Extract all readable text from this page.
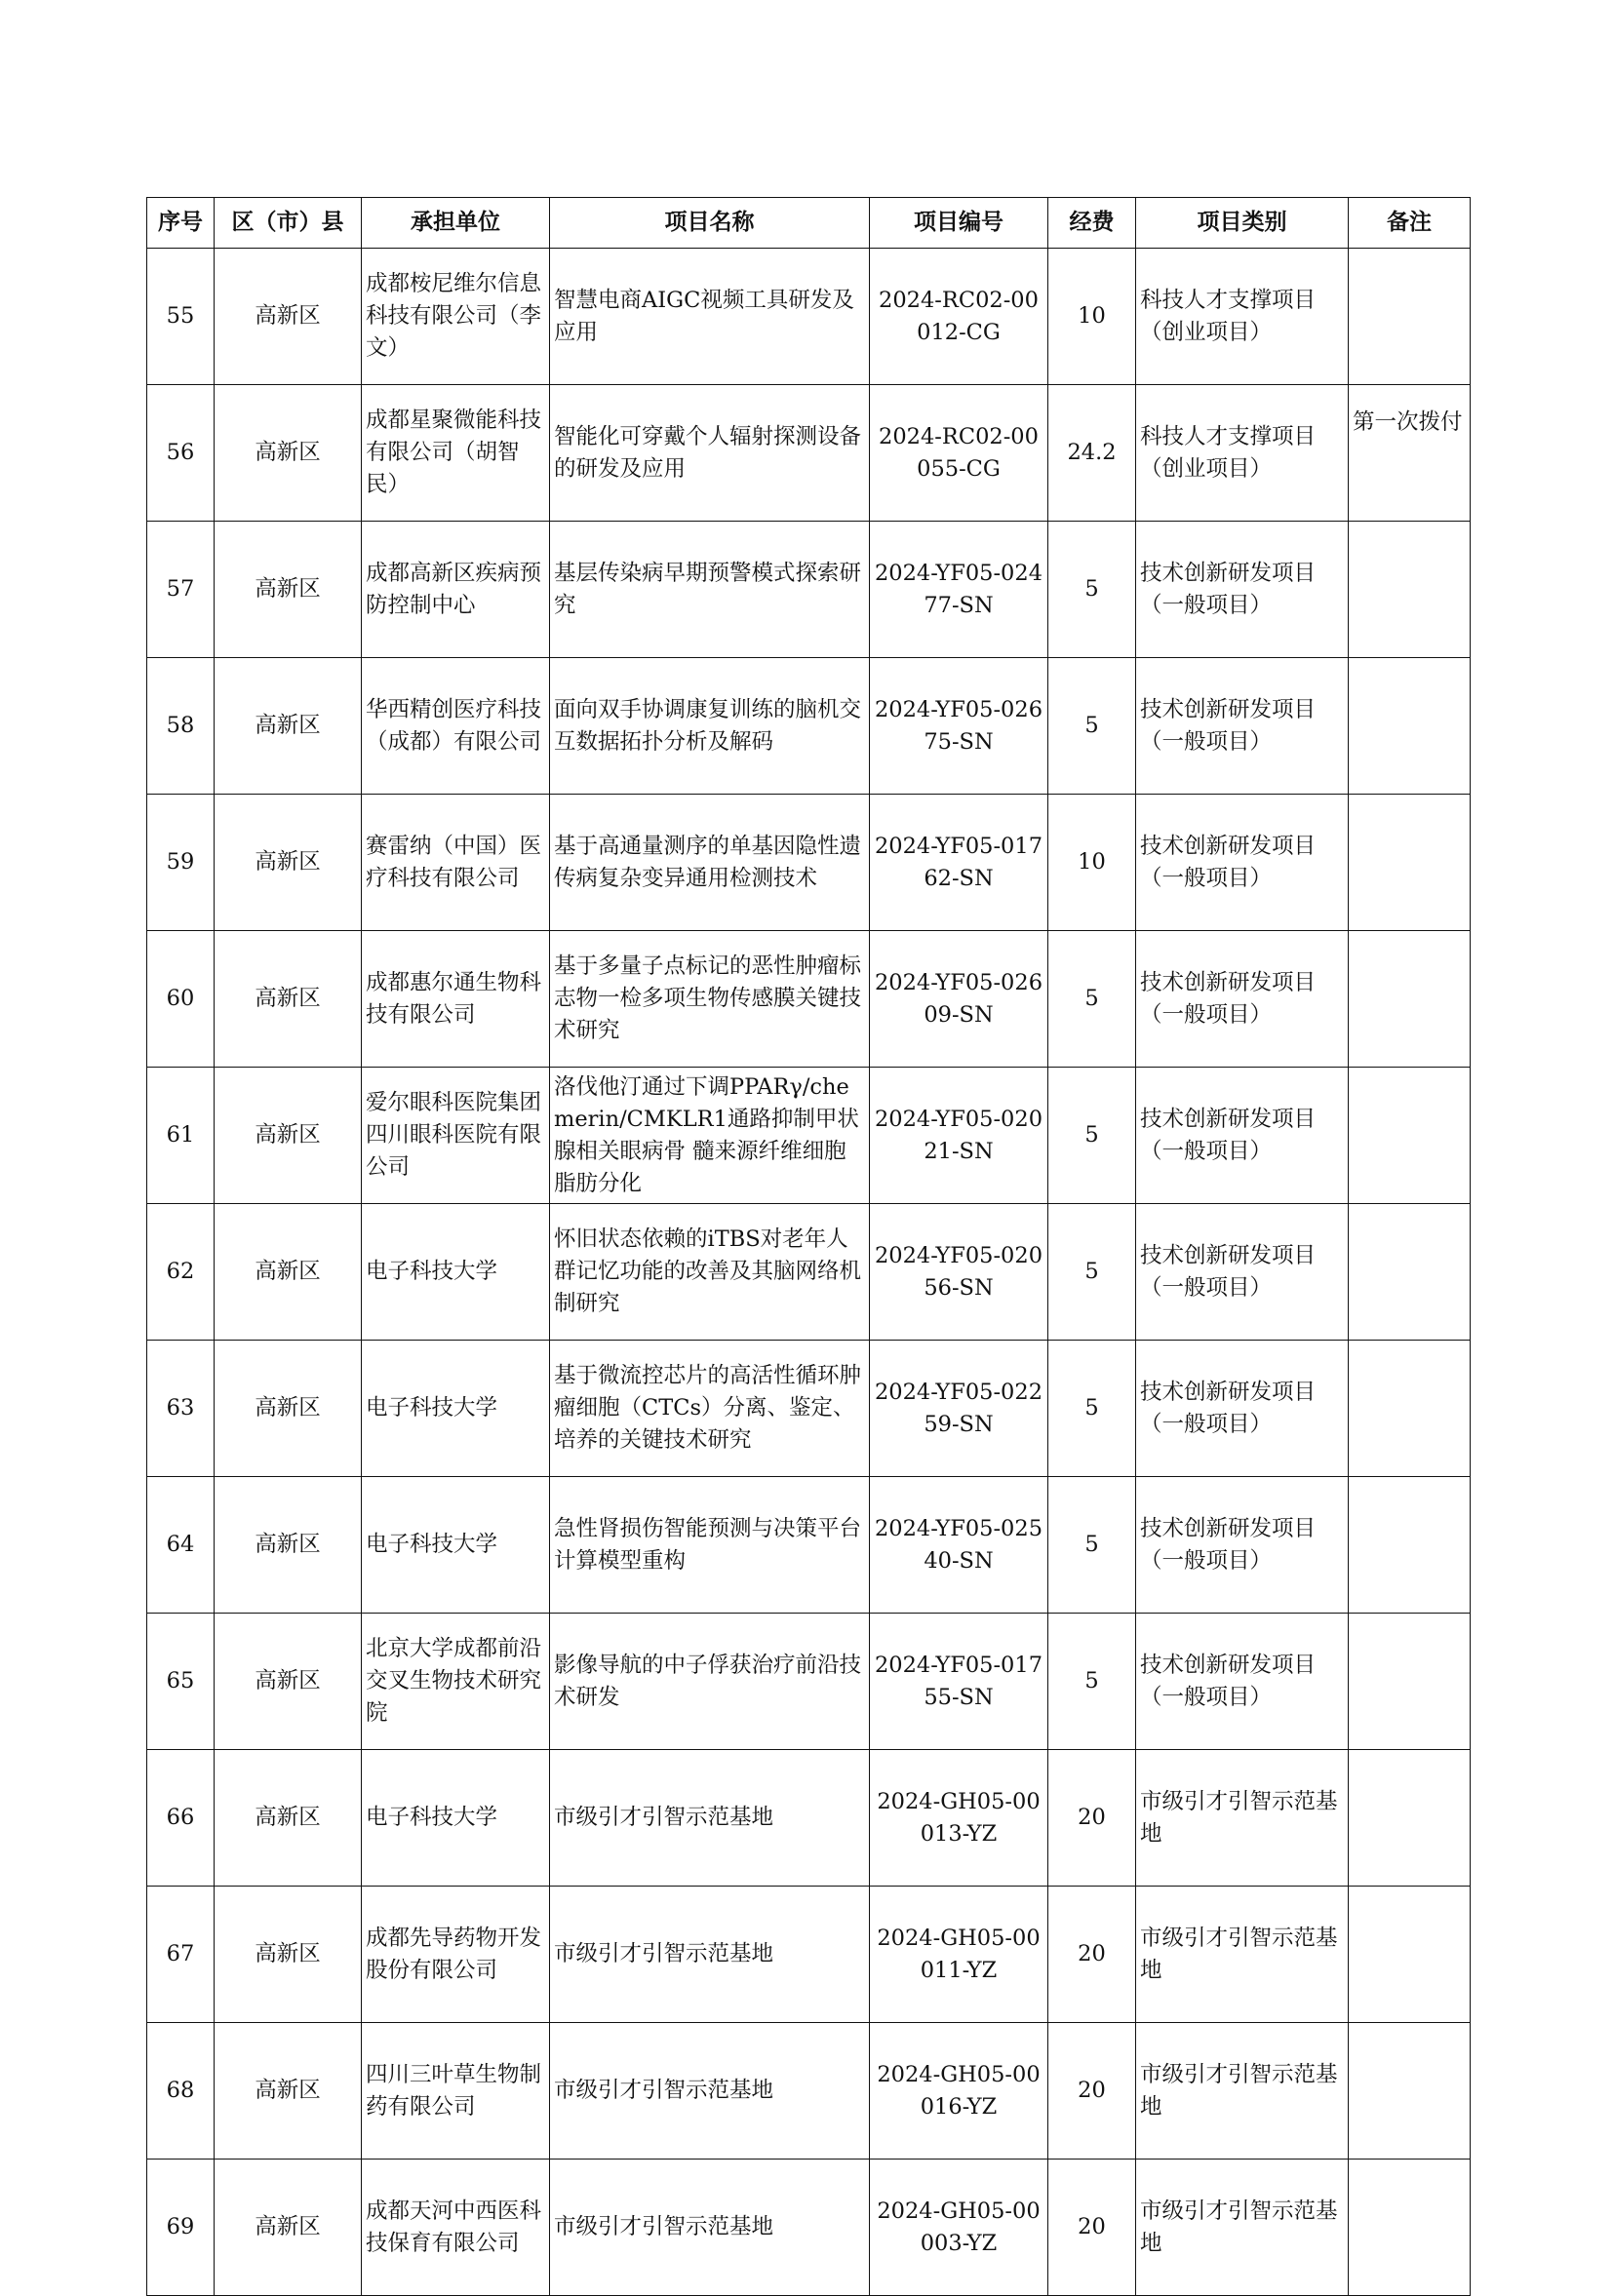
序号	区（市）县	承担单位	项目名称	项目编号	经费	项目类别	备注
55	高新区	成都桉尼维尔信息科技有限公司（李文）	智慧电商AIGC视频工具研发及应用	2024-RC02-00012-CG	10	科技人才支撑项目（创业项目）	
56	高新区	成都星聚微能科技有限公司（胡智民）	智能化可穿戴个人辐射探测设备的研发及应用	2024-RC02-00055-CG	24.2	科技人才支撑项目（创业项目）	第一次拨付
57	高新区	成都高新区疾病预防控制中心	基层传染病早期预警模式探索研究	2024-YF05-02477-SN	5	技术创新研发项目（一般项目）	
58	高新区	华西精创医疗科技（成都）有限公司	面向双手协调康复训练的脑机交互数据拓扑分析及解码	2024-YF05-02675-SN	5	技术创新研发项目（一般项目）	
59	高新区	赛雷纳（中国）医疗科技有限公司	基于高通量测序的单基因隐性遗传病复杂变异通用检测技术	2024-YF05-01762-SN	10	技术创新研发项目（一般项目）	
60	高新区	成都惠尔通生物科技有限公司	基于多量子点标记的恶性肿瘤标志物一检多项生物传感膜关键技术研究	2024-YF05-02609-SN	5	技术创新研发项目（一般项目）	
61	高新区	爱尔眼科医院集团四川眼科医院有限公司	洛伐他汀通过下调PPARγ/chemerin/CMKLR1通路抑制甲状腺相关眼病骨 髓来源纤维细胞脂肪分化	2024-YF05-02021-SN	5	技术创新研发项目（一般项目）	
62	高新区	电子科技大学	怀旧状态依赖的iTBS对老年人群记忆功能的改善及其脑网络机制研究	2024-YF05-02056-SN	5	技术创新研发项目（一般项目）	
63	高新区	电子科技大学	基于微流控芯片的高活性循环肿瘤细胞（CTCs）分离、鉴定、培养的关键技术研究	2024-YF05-02259-SN	5	技术创新研发项目（一般项目）	
64	高新区	电子科技大学	急性肾损伤智能预测与决策平台计算模型重构	2024-YF05-02540-SN	5	技术创新研发项目（一般项目）	
65	高新区	北京大学成都前沿交叉生物技术研究院	影像导航的中子俘获治疗前沿技术研发	2024-YF05-01755-SN	5	技术创新研发项目（一般项目）	
66	高新区	电子科技大学	市级引才引智示范基地	2024-GH05-00013-YZ	20	市级引才引智示范基地	
67	高新区	成都先导药物开发股份有限公司	市级引才引智示范基地	2024-GH05-00011-YZ	20	市级引才引智示范基地	
68	高新区	四川三叶草生物制药有限公司	市级引才引智示范基地	2024-GH05-00016-YZ	20	市级引才引智示范基地	
69	高新区	成都天河中西医科技保育有限公司	市级引才引智示范基地	2024-GH05-00003-YZ	20	市级引才引智示范基地	
